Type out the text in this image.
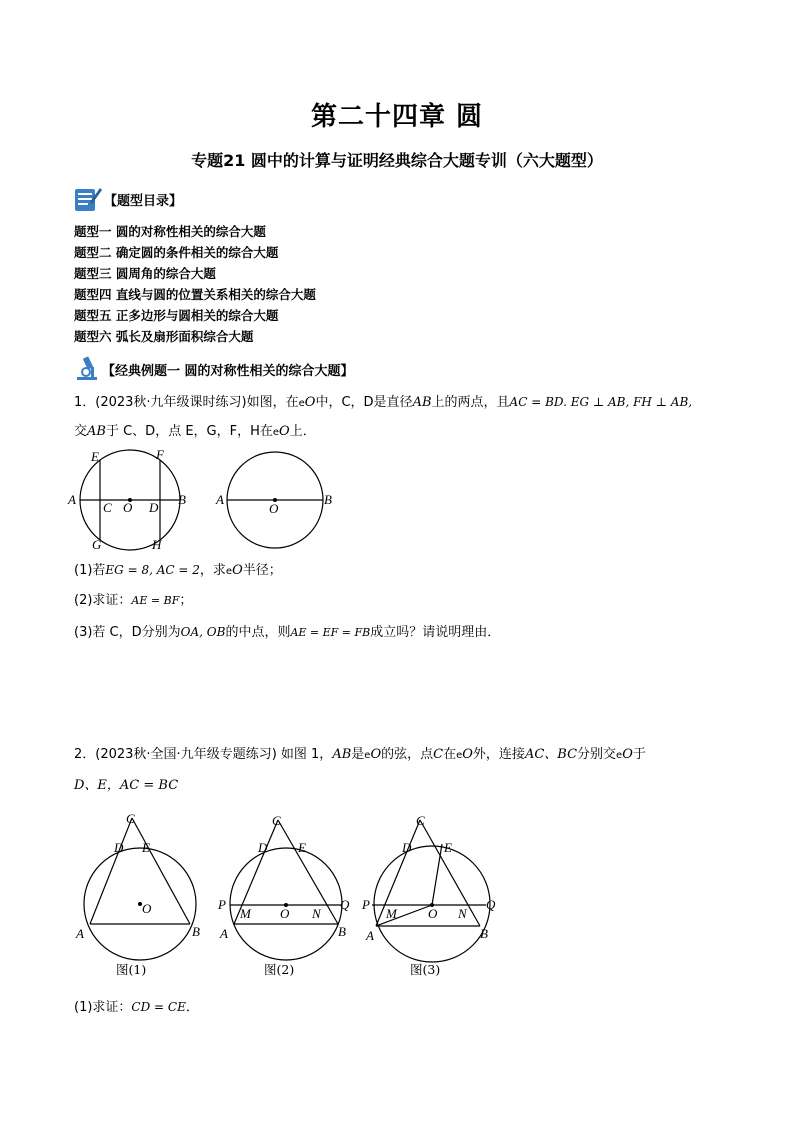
第二十四章 圆
专题21 圆中的计算与证明经典综合大题专训（六大题型）
【题型目录】
题型一 圆的对称性相关的综合大题
题型二 确定圆的条件相关的综合大题
题型三 圆周角的综合大题
题型四 直线与圆的位置关系相关的综合大题
题型五 正多边形与圆相关的综合大题
题型六 弧长及扇形面积综合大题
【经典例题一 圆的对称性相关的综合大题】
1．(2023秋·九年级课时练习)如图，在eO中，C，D是直径AB上的两点，且AC = BD. EG ⊥ AB, FH ⊥ AB,
交AB于 C、D，点 E，G，F，H在eO上．
E	F
A	B
C O D
G	H
A	B
O
(1)若EG = 8, AC = 2，求eO半径；
(2)求证：AE = BF；
(3)若 C，D分别为OA, OB的中点，则AE = EF = FB成立吗？请说明理由．
2．(2023秋·全国·九年级专题练习) 如图 1，AB是eO的弦，点C在eO外，连接AC、BC分别交eO于
D、E，AC = BC
C
D E
O
A	B
图(1)
C
D E
P
M O N
Q
A	B
图(2)
C
D	E
P
M O N
Q
A	B
图(3)
(1)求证：CD = CE．
